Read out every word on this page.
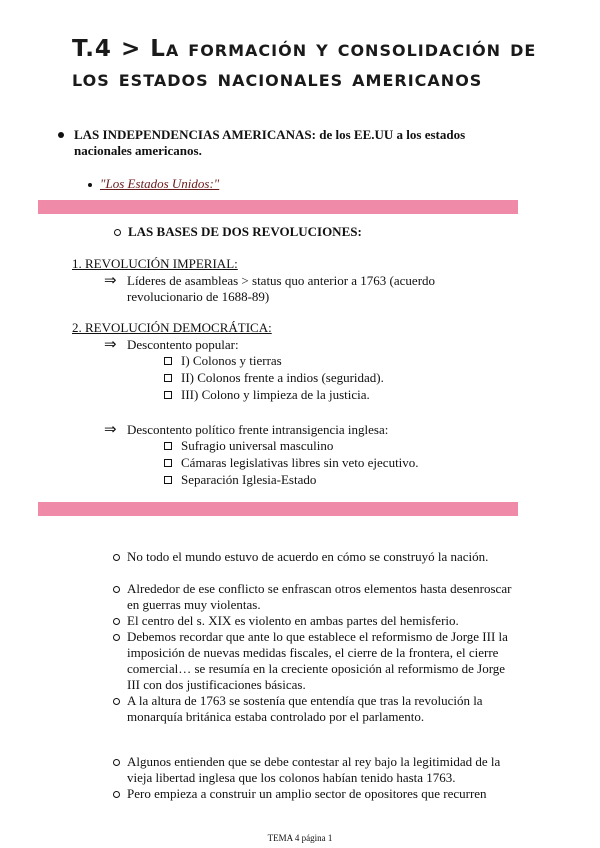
T.4 > La formación y consolidación de los estados nacionales americanos
LAS INDEPENDENCIAS AMERICANAS: de los EE.UU a los estados nacionales americanos.
"Los Estados Unidos:"
LAS BASES DE DOS REVOLUCIONES:
1. REVOLUCIÓN IMPERIAL:
⇒ Líderes de asambleas > status quo anterior a 1763 (acuerdo revolucionario de 1688-89)
2. REVOLUCIÓN DEMOCRÁTICA:
⇒ Descontento popular:
I) Colonos y tierras
II) Colonos frente a indios (seguridad).
III) Colono y limpieza de la justicia.
⇒ Descontento político frente intransigencia inglesa:
Sufragio universal masculino
Cámaras legislativas libres sin veto ejecutivo.
Separación Iglesia-Estado
No todo el mundo estuvo de acuerdo en cómo se construyó la nación.
Alrededor de ese conflicto se enfrascan otros elementos hasta desenroscar en guerras muy violentas.
El centro del s. XIX es violento en ambas partes del hemisferio.
Debemos recordar que ante lo que establece el reformismo de Jorge III la imposición de nuevas medidas fiscales, el cierre de la frontera, el cierre comercial… se resumía en la creciente oposición al reformismo de Jorge III con dos justificaciones básicas.
A la altura de 1763 se sostenía que entendía que tras la revolución la monarquía británica estaba controlado por el parlamento.
Algunos entienden que se debe contestar al rey bajo la legitimidad de la vieja libertad inglesa que los colonos habían tenido hasta 1763.
Pero empieza a construir un amplio sector de opositores que recurren
TEMA 4 página 1
